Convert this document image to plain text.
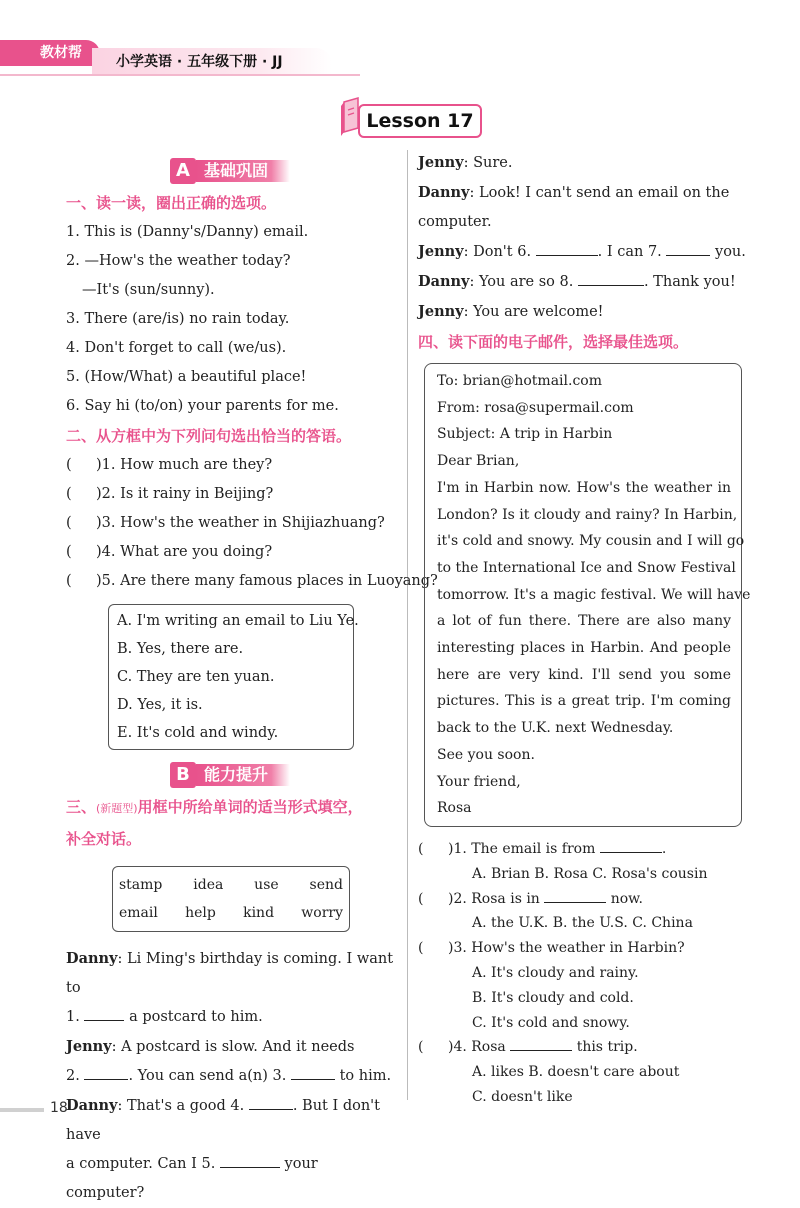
教材帮
小学英语 · 五年级下册 · JJ
Lesson 17
A 基础巩固
一、读一读，圈出正确的选项。
1. This is (Danny's/Danny) email.
2. —How's the weather today?
—It's (sun/sunny).
3. There (are/is) no rain today.
4. Don't forget to call (we/us).
5. (How/What) a beautiful place!
6. Say hi (to/on) your parents for me.
二、从方框中为下列问句选出恰当的答语。
( )1. How much are they?
( )2. Is it rainy in Beijing?
( )3. How's the weather in Shijiazhuang?
( )4. What are you doing?
( )5. Are there many famous places in Luoyang?
A. I'm writing an email to Liu Ye.
B. Yes, there are.
C. They are ten yuan.
D. Yes, it is.
E. It's cold and windy.
B 能力提升
三、(新题型)用框中所给单词的适当形式填空，
补全对话。
stamp idea use send
email help kind worry
Danny: Li Ming's birthday is coming. I want to
1.	a postcard to him.
Jenny: A postcard is slow. And it needs
2.	. You can send a(n) 3.	to him.
Danny: That's a good 4.	. But I don't have
a computer. Can I 5.	your computer?
Jenny: Sure.
Danny: Look! I can't send an email on the
computer.
Jenny: Don't 6.	. I can 7.	you.
Danny: You are so 8.	. Thank you!
Jenny: You are welcome!
四、读下面的电子邮件，选择最佳选项。
To: brian@hotmail.com
From: rosa@supermail.com
Subject: A trip in Harbin
Dear Brian,
I'm in Harbin now. How's the weather in
London? Is it cloudy and rainy? In Harbin,
it's cold and snowy. My cousin and I will go
to the International Ice and Snow Festival
tomorrow. It's a magic festival. We will have
a lot of fun there. There are also many
interesting places in Harbin. And people
here are very kind. I'll send you some
pictures. This is a great trip. I'm coming
back to the U.K. next Wednesday.
See you soon.
Your friend,
Rosa
( )1. The email is from	.
A. Brian B. Rosa C. Rosa's cousin
( )2. Rosa is in	now.
A. the U.K. B. the U.S. C. China
( )3. How's the weather in Harbin?
A. It's cloudy and rainy.
B. It's cloudy and cold.
C. It's cold and snowy.
( )4. Rosa	this trip.
A. likes B. doesn't care about
C. doesn't like
18
